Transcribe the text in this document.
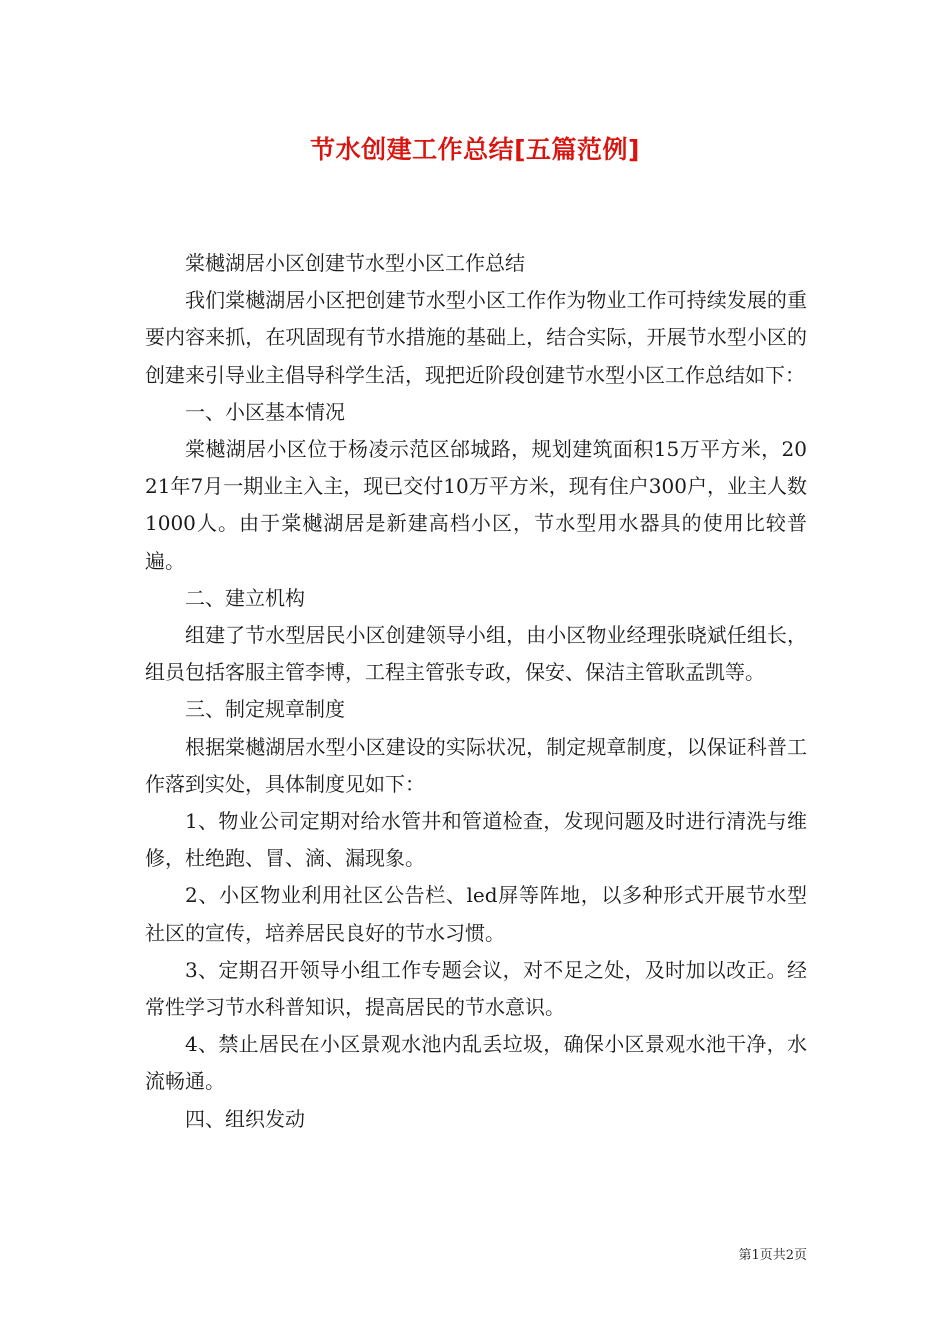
节水创建工作总结[五篇范例]

棠樾湖居小区创建节水型小区工作总结

我们棠樾湖居小区把创建节水型小区工作作为物业工作可持续发展的重要内容来抓，在巩固现有节水措施的基础上，结合实际，开展节水型小区的创建来引导业主倡导科学生活，现把近阶段创建节水型小区工作总结如下：

一、小区基本情况

棠樾湖居小区位于杨凌示范区邰城路，规划建筑面积15万平方米，2021年7月一期业主入主，现已交付10万平方米，现有住户300户，业主人数1000人。由于棠樾湖居是新建高档小区，节水型用水器具的使用比较普遍。

二、建立机构

组建了节水型居民小区创建领导小组，由小区物业经理张晓斌任组长，组员包括客服主管李博，工程主管张专政，保安、保洁主管耿孟凯等。

三、制定规章制度

根据棠樾湖居水型小区建设的实际状况，制定规章制度，以保证科普工作落到实处，具体制度见如下：

1、物业公司定期对给水管井和管道检查，发现问题及时进行清洗与维修，杜绝跑、冒、滴、漏现象。

2、小区物业利用社区公告栏、led屏等阵地，以多种形式开展节水型社区的宣传，培养居民良好的节水习惯。

3、定期召开领导小组工作专题会议，对不足之处，及时加以改正。经常性学习节水科普知识，提高居民的节水意识。

4、禁止居民在小区景观水池内乱丢垃圾，确保小区景观水池干净，水流畅通。

四、组织发动

第1页共2页
